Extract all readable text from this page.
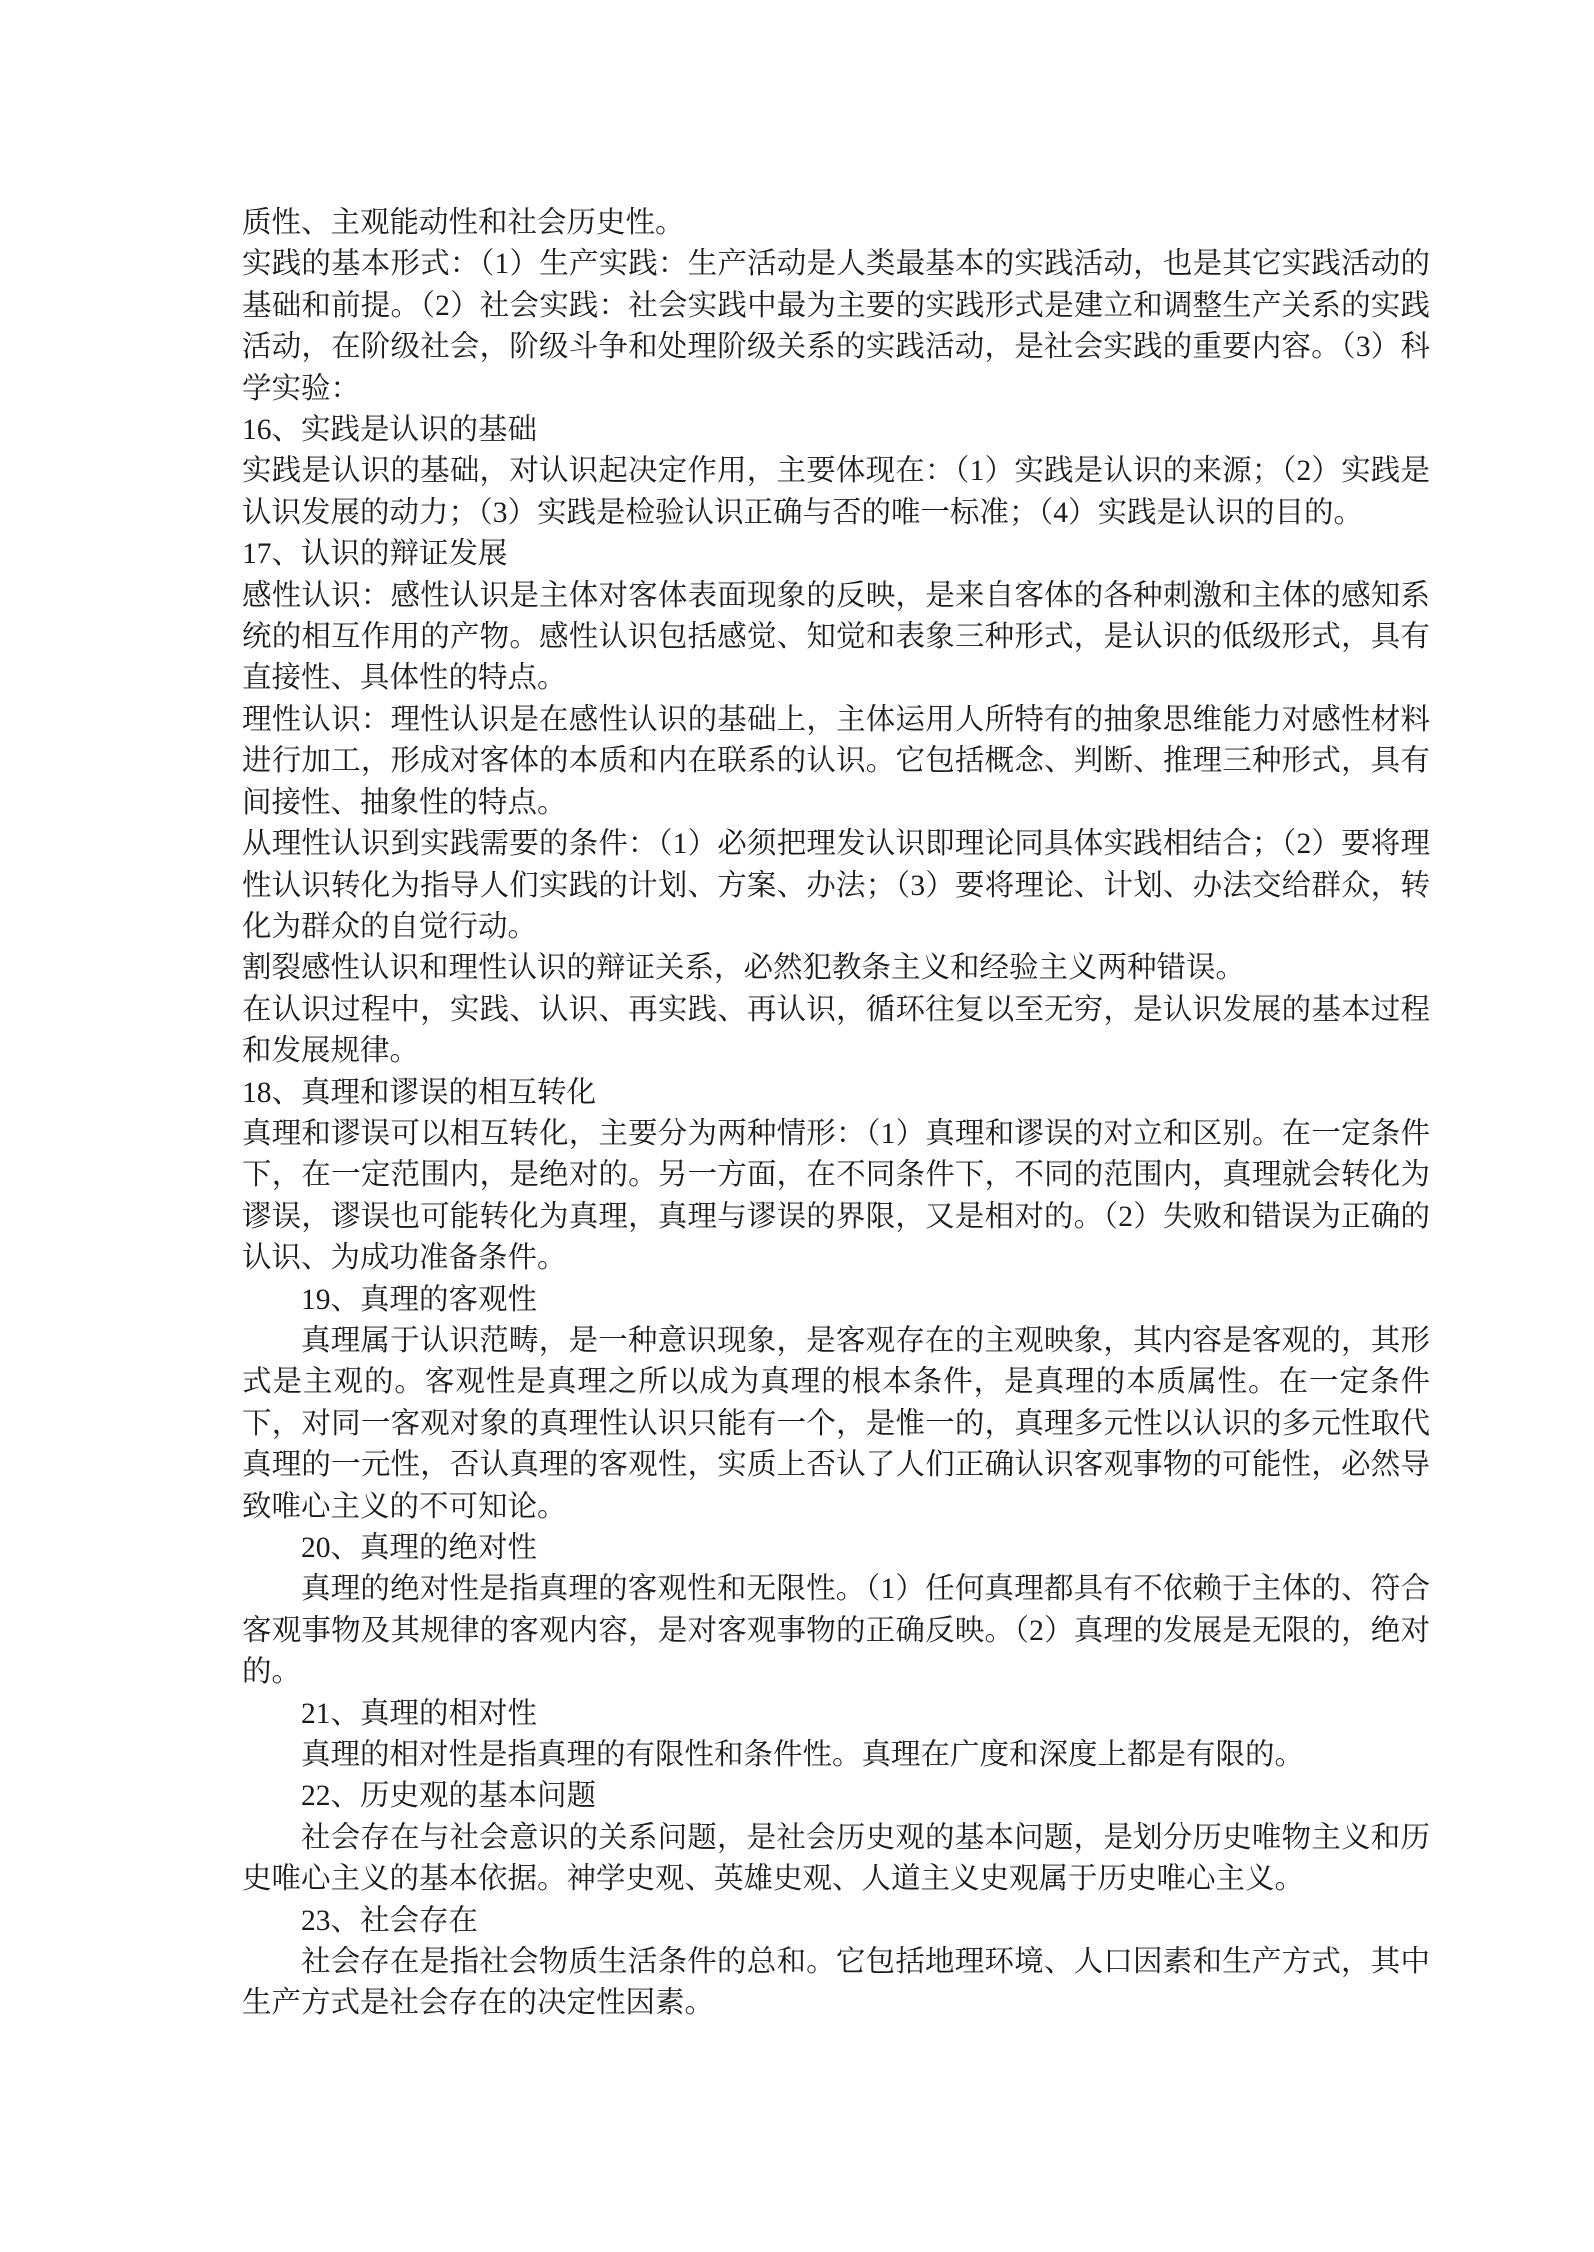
质性、主观能动性和社会历史性。

实践的基本形式：（1）生产实践：生产活动是人类最基本的实践活动，也是其它实践活动的基础和前提。（2）社会实践：社会实践中最为主要的实践形式是建立和调整生产关系的实践活动，在阶级社会，阶级斗争和处理阶级关系的实践活动，是社会实践的重要内容。（3）科学实验：

16、实践是认识的基础

实践是认识的基础，对认识起决定作用，主要体现在：（1）实践是认识的来源；（2）实践是认识发展的动力；（3）实践是检验认识正确与否的唯一标准；（4）实践是认识的目的。

17、认识的辩证发展

感性认识：感性认识是主体对客体表面现象的反映，是来自客体的各种刺激和主体的感知系统的相互作用的产物。感性认识包括感觉、知觉和表象三种形式，是认识的低级形式，具有直接性、具体性的特点。

理性认识：理性认识是在感性认识的基础上，主体运用人所特有的抽象思维能力对感性材料进行加工，形成对客体的本质和内在联系的认识。它包括概念、判断、推理三种形式，具有间接性、抽象性的特点。

从理性认识到实践需要的条件：（1）必须把理发认识即理论同具体实践相结合；（2）要将理性认识转化为指导人们实践的计划、方案、办法；（3）要将理论、计划、办法交给群众，转化为群众的自觉行动。

割裂感性认识和理性认识的辩证关系，必然犯教条主义和经验主义两种错误。

在认识过程中，实践、认识、再实践、再认识，循环往复以至无穷，是认识发展的基本过程和发展规律。

18、真理和谬误的相互转化

真理和谬误可以相互转化，主要分为两种情形：（1）真理和谬误的对立和区别。在一定条件下，在一定范围内，是绝对的。另一方面，在不同条件下，不同的范围内，真理就会转化为谬误，谬误也可能转化为真理，真理与谬误的界限，又是相对的。（2）失败和错误为正确的认识、为成功准备条件。

19、真理的客观性

真理属于认识范畴，是一种意识现象，是客观存在的主观映象，其内容是客观的，其形式是主观的。客观性是真理之所以成为真理的根本条件，是真理的本质属性。在一定条件下，对同一客观对象的真理性认识只能有一个，是惟一的，真理多元性以认识的多元性取代真理的一元性，否认真理的客观性，实质上否认了人们正确认识客观事物的可能性，必然导致唯心主义的不可知论。

20、真理的绝对性

真理的绝对性是指真理的客观性和无限性。（1）任何真理都具有不依赖于主体的、符合客观事物及其规律的客观内容，是对客观事物的正确反映。（2）真理的发展是无限的，绝对的。

21、真理的相对性

真理的相对性是指真理的有限性和条件性。真理在广度和深度上都是有限的。

22、历史观的基本问题

社会存在与社会意识的关系问题，是社会历史观的基本问题，是划分历史唯物主义和历史唯心主义的基本依据。神学史观、英雄史观、人道主义史观属于历史唯心主义。

23、社会存在

社会存在是指社会物质生活条件的总和。它包括地理环境、人口因素和生产方式，其中生产方式是社会存在的决定性因素。
